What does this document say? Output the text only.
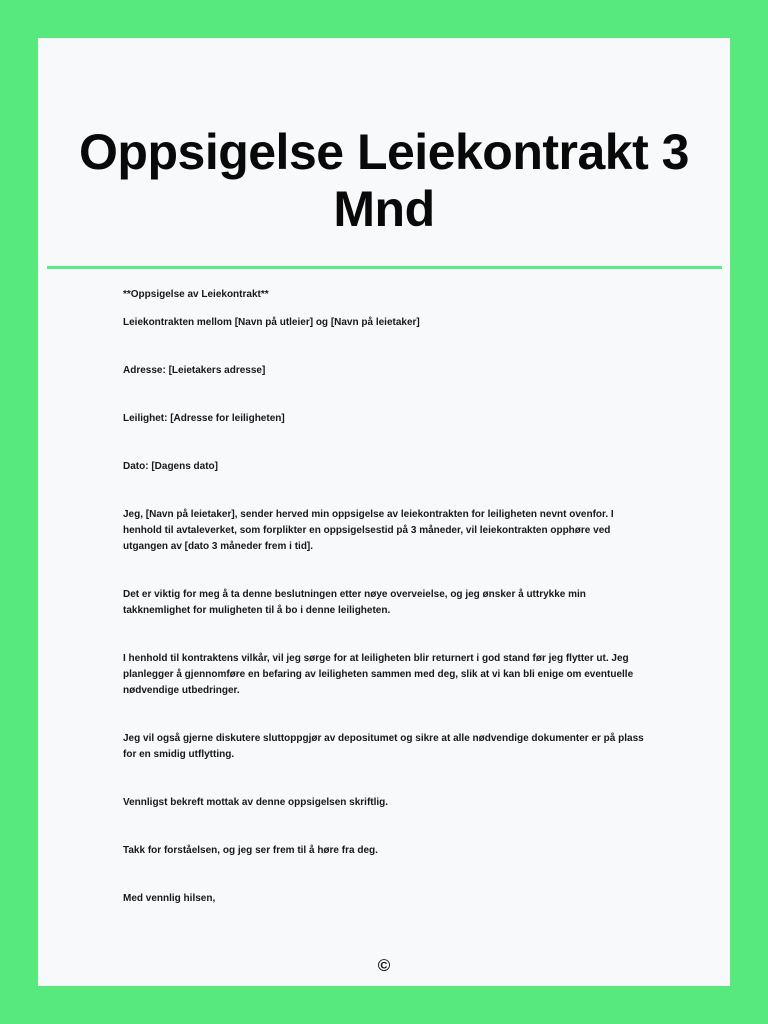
Oppsigelse Leiekontrakt 3 Mnd

**Oppsigelse av Leiekontrakt**

Leiekontrakten mellom [Navn på utleier] og [Navn på leietaker]

Adresse: [Leietakers adresse]

Leilighet: [Adresse for leiligheten]

Dato: [Dagens dato]

Jeg, [Navn på leietaker], sender herved min oppsigelse av leiekontrakten for leiligheten nevnt ovenfor. I henhold til avtaleverket, som forplikter en oppsigelsestid på 3 måneder, vil leiekontrakten opphøre ved utgangen av [dato 3 måneder frem i tid].

Det er viktig for meg å ta denne beslutningen etter nøye overveielse, og jeg ønsker å uttrykke min takknemlighet for muligheten til å bo i denne leiligheten.

I henhold til kontraktens vilkår, vil jeg sørge for at leiligheten blir returnert i god stand før jeg flytter ut. Jeg planlegger å gjennomføre en befaring av leiligheten sammen med deg, slik at vi kan bli enige om eventuelle nødvendige utbedringer.

Jeg vil også gjerne diskutere sluttoppgjør av depositumet og sikre at alle nødvendige dokumenter er på plass for en smidig utflytting.

Vennligst bekreft mottak av denne oppsigelsen skriftlig.

Takk for forståelsen, og jeg ser frem til å høre fra deg.

Med vennlig hilsen,

©
